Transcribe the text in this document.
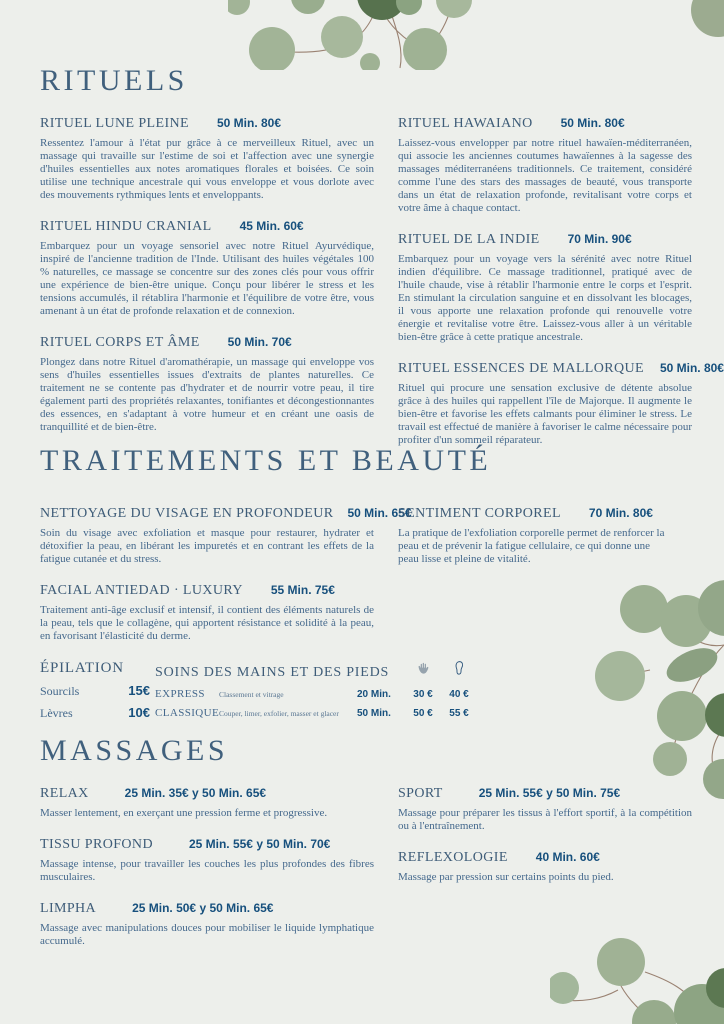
RITUELS
RITUEL LUNE PLEINE 50 Min. 80€
Ressentez l'amour à l'état pur grâce à ce merveilleux Rituel, avec un massage qui travaille sur l'estime de soi et l'affection avec une synergie d'huiles essentielles aux notes aromatiques florales et boisées. Ce soin utilise une technique ancestrale qui vous enveloppe et vous dorlote avec des mouvements rythmiques lents et enveloppants.
RITUEL HINDU CRANIAL 45 Min. 60€
Embarquez pour un voyage sensoriel avec notre Rituel Ayurvédique, inspiré de l'ancienne tradition de l'Inde. Utilisant des huiles végétales 100 % naturelles, ce massage se concentre sur des zones clés pour vous offrir une expérience de bien-être unique. Conçu pour libérer le stress et les tensions accumulés, il rétablira l'harmonie et l'équilibre de votre être, vous amenant à un état de profonde relaxation et de connexion.
RITUEL CORPS ET ÂME 50 Min. 70€
Plongez dans notre Rituel d'aromathérapie, un massage qui enveloppe vos sens d'huiles essentielles issues d'extraits de plantes naturelles. Ce traitement ne se contente pas d'hydrater et de nourrir votre peau, il tire également parti des propriétés relaxantes, tonifiantes et décongestionnantes des essences, en s'adaptant à votre humeur et en créant une oasis de tranquillité et de bien-être.
RITUEL HAWAIANO 50 Min. 80€
Laissez-vous envelopper par notre rituel hawaïen-méditerranéen, qui associe les anciennes coutumes hawaïennes à la sagesse des massages méditerranéens traditionnels. Ce traitement, considéré comme l'une des stars des massages de beauté, vous transporte dans un état de relaxation profonde, revitalisant votre corps et votre âme à chaque contact.
RITUEL DE LA INDIE 70 Min. 90€
Embarquez pour un voyage vers la sérénité avec notre Rituel indien d'équilibre. Ce massage traditionnel, pratiqué avec de l'huile chaude, vise à rétablir l'harmonie entre le corps et l'esprit. En stimulant la circulation sanguine et en dissolvant les blocages, il vous apporte une relaxation profonde qui renouvelle votre énergie et revitalise votre être. Laissez-vous aller à un véritable bien-être grâce à cette pratique ancestrale.
RITUEL ESSENCES DE MALLORQUE 50 Min. 80€
Rituel qui procure une sensation exclusive de détente absolue grâce à des huiles qui rappellent l'île de Majorque. Il augmente le bien-être et favorise les effets calmants pour éliminer le stress. Le travail est effectué de manière à favoriser le calme nécessaire pour profiter d'un sommeil réparateur.
TRAITEMENTS ET BEAUTÉ
NETTOYAGE DU VISAGE EN PROFONDEUR 50 Min. 65€
Soin du visage avec exfoliation et masque pour restaurer, hydrater et détoxifier la peau, en libérant les impuretés et en contrant les effets de la fatigue cutanée et du stress.
FACIAL ANTIEDAD · LUXURY 55 Min. 75€
Traitement anti-âge exclusif et intensif, il contient des éléments naturels de la peau, tels que le collagène, qui apportent résistance et solidité à la peau, en favorisant l'élasticité du derme.
SENTIMENT CORPOREL 70 Min. 80€
La pratique de l'exfoliation corporelle permet de renforcer la peau et de prévenir la fatigue cellulaire, ce qui donne une peau lisse et pleine de vitalité.
ÉPILATION
Sourcils	15€
Lèvres	10€
SOINS DES MAINS ET DES PIEDS
EXPRESS	Classement et vitrage	20 Min.	30 €	40 €
CLASSIQUE Couper, limer, exfolier, masser et glacer	50 Min.	50 €	55 €
MASSAGES
RELAX	25 Min. 35€ y 50 Min. 65€
Masser lentement, en exerçant une pression ferme et progressive.
TISSU PROFOND	25 Min. 55€ y 50 Min. 70€
Massage intense, pour travailler les couches les plus profondes des fibres musculaires.
LIMPHA	25 Min. 50€ y 50 Min. 65€
Massage avec manipulations douces pour mobiliser le liquide lymphatique accumulé.
SPORT	25 Min. 55€ y 50 Min. 75€
Massage pour préparer les tissus à l'effort sportif, à la compétition ou à l'entraînement.
REFLEXOLOGIE 40 Min. 60€
Massage par pression sur certains points du pied.
